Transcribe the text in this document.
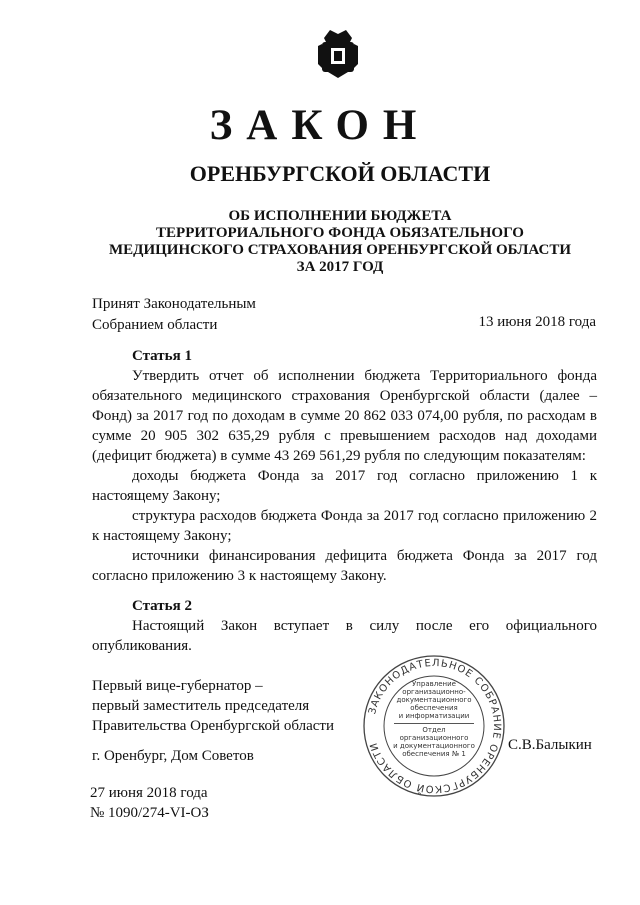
ЗАКОН
ОРЕНБУРГСКОЙ ОБЛАСТИ
ОБ ИСПОЛНЕНИИ БЮДЖЕТА
ТЕРРИТОРИАЛЬНОГО ФОНДА ОБЯЗАТЕЛЬНОГО
МЕДИЦИНСКОГО СТРАХОВАНИЯ ОРЕНБУРГСКОЙ ОБЛАСТИ
ЗА 2017 ГОД
Принят Законодательным
Собранием области	13 июня 2018 года
Статья 1
Утвердить отчет об исполнении бюджета Территориального фонда обязательного медицинского страхования Оренбургской области (далее – Фонд) за 2017 год по доходам в сумме 20 862 033 074,00 рубля, по расходам в сумме 20 905 302 635,29 рубля с превышением расходов над доходами (дефицит бюджета) в сумме 43 269 561,29 рубля по следующим показателям:
доходы бюджета Фонда за 2017 год согласно приложению 1 к настоящему Закону;
структура расходов бюджета Фонда за 2017 год согласно приложению 2 к настоящему Закону;
источники финансирования дефицита бюджета Фонда за 2017 год согласно приложению 3 к настоящему Закону.
Статья 2
Настоящий Закон вступает в силу после его официального опубликования.
Первый вице-губернатор –
первый заместитель председателя
Правительства Оренбургской области
ЗАКОНОДАТЕЛЬНОЕ СОБРАНИЕ ОРЕНБУРГСКОЙ ОБЛАСТИ
Управление
организационно-
документационного
обеспечения
и информатизации
Отдел организационного
и документационного
обеспечения № 1
С.В.Балыкин
г. Оренбург, Дом Советов
27 июня 2018 года
№ 1090/274-VI-ОЗ
